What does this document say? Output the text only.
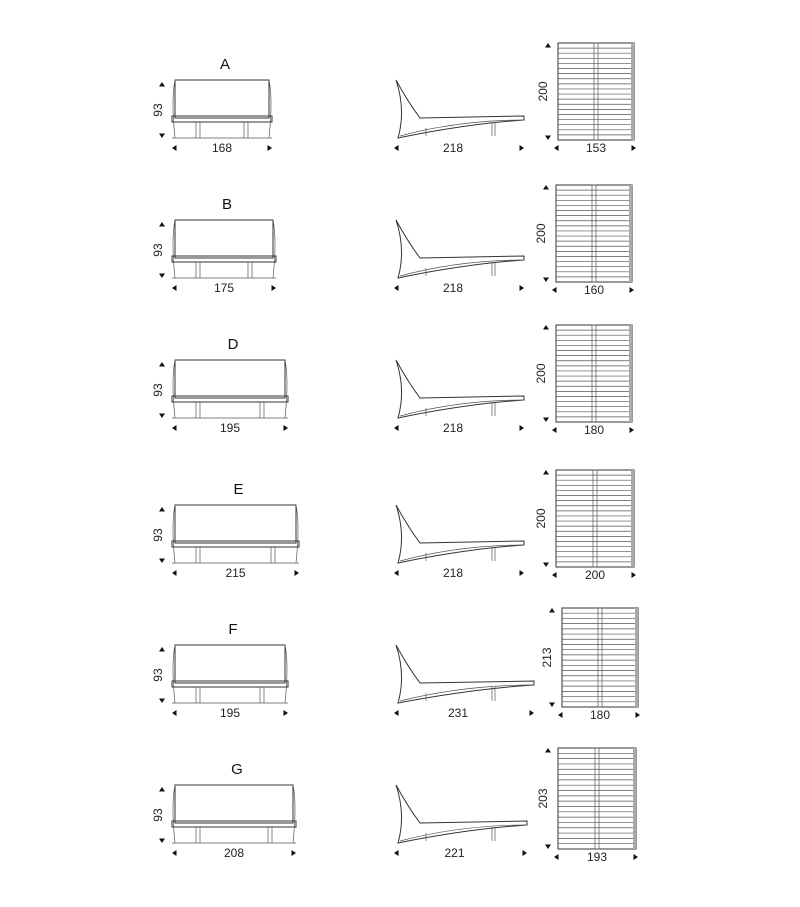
A
93
168	218
200
153
B
93
175	218
200
160
D
93
195	218
200
180
E
93
215	218
200
200
F
93
195	231
213
180
G
93
208	221
203
193
